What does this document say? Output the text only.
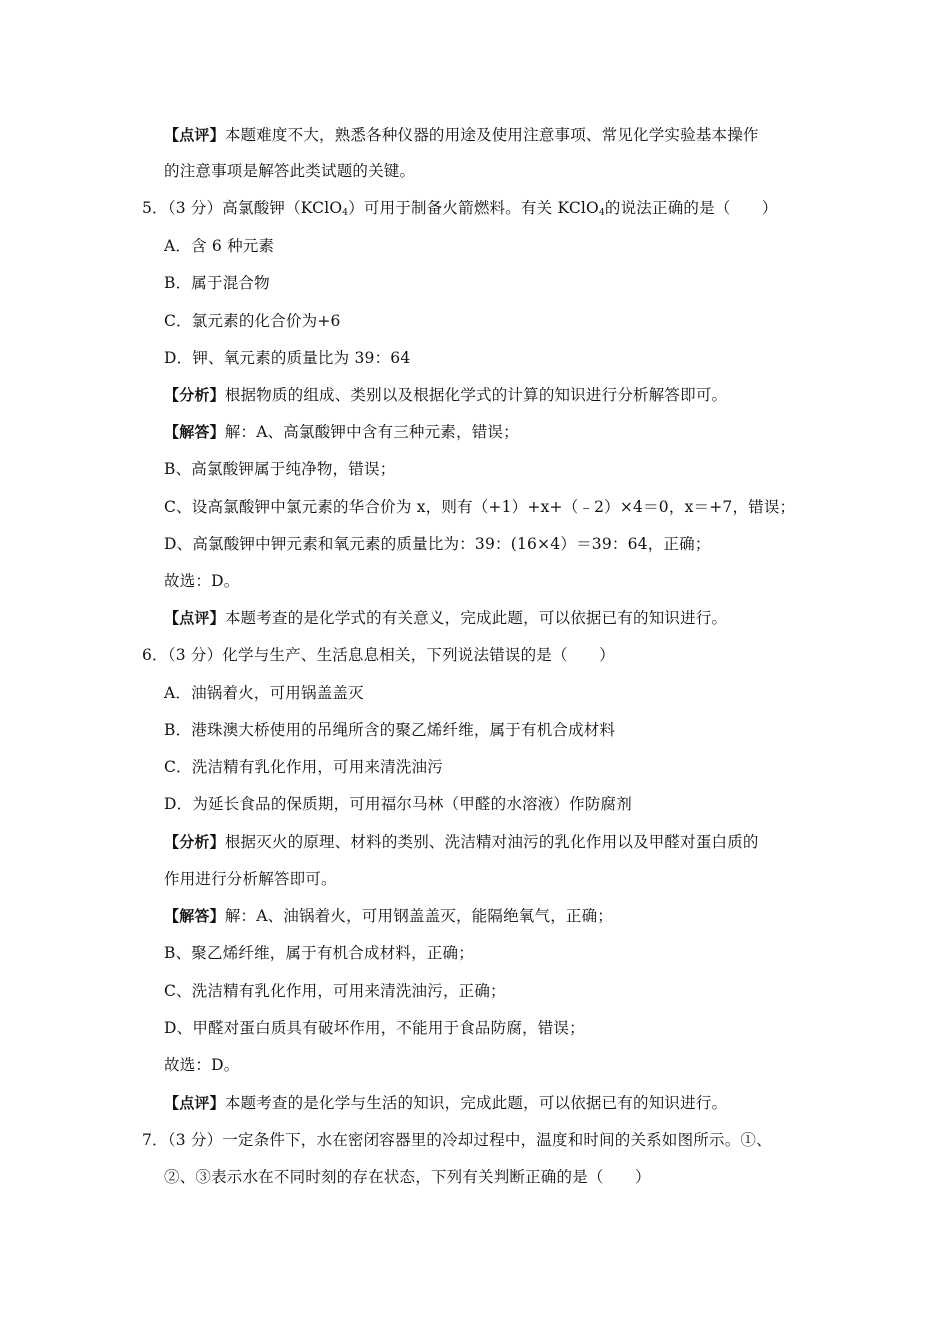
【点评】本题难度不大，熟悉各种仪器的用途及使用注意事项、常见化学实验基本操作
的注意事项是解答此类试题的关键。
5．（3 分）高氯酸钾（KClO$_4$）可用于制备火箭燃料。有关 KClO$_4$的说法正确的是（　　）
A．含 6 种元素
B．属于混合物
C．氯元素的化合价为+6
D．钾、氧元素的质量比为 39：64
【分析】根据物质的组成、类别以及根据化学式的计算的知识进行分析解答即可。
【解答】解：A、高氯酸钾中含有三种元素，错误；
B、高氯酸钾属于纯净物，错误；
C、设高氯酸钾中氯元素的华合价为 x，则有（+1）+x+（﹣2）×4＝0，x＝+7，错误；
D、高氯酸钾中钾元素和氧元素的质量比为：39：(16×4）＝39：64，正确；
故选：D。
【点评】本题考查的是化学式的有关意义，完成此题，可以依据已有的知识进行。
6．（3 分）化学与生产、生活息息相关，下列说法错误的是（　　）
A．油锅着火，可用锅盖盖灭
B．港珠澳大桥使用的吊绳所含的聚乙烯纤维，属于有机合成材料
C．洗洁精有乳化作用，可用来清洗油污
D．为延长食品的保质期，可用福尔马林（甲醛的水溶液）作防腐剂
【分析】根据灭火的原理、材料的类别、洗洁精对油污的乳化作用以及甲醛对蛋白质的
作用进行分析解答即可。
【解答】解：A、油锅着火，可用钢盖盖灭，能隔绝氧气，正确；
B、聚乙烯纤维，属于有机合成材料，正确；
C、洗洁精有乳化作用，可用来清洗油污，正确；
D、甲醛对蛋白质具有破坏作用，不能用于食品防腐，错误；
故选：D。
【点评】本题考查的是化学与生活的知识，完成此题，可以依据已有的知识进行。
7．（3 分）一定条件下，水在密闭容器里的冷却过程中，温度和时间的关系如图所示。①、
②、③表示水在不同时刻的存在状态，下列有关判断正确的是（　　）
